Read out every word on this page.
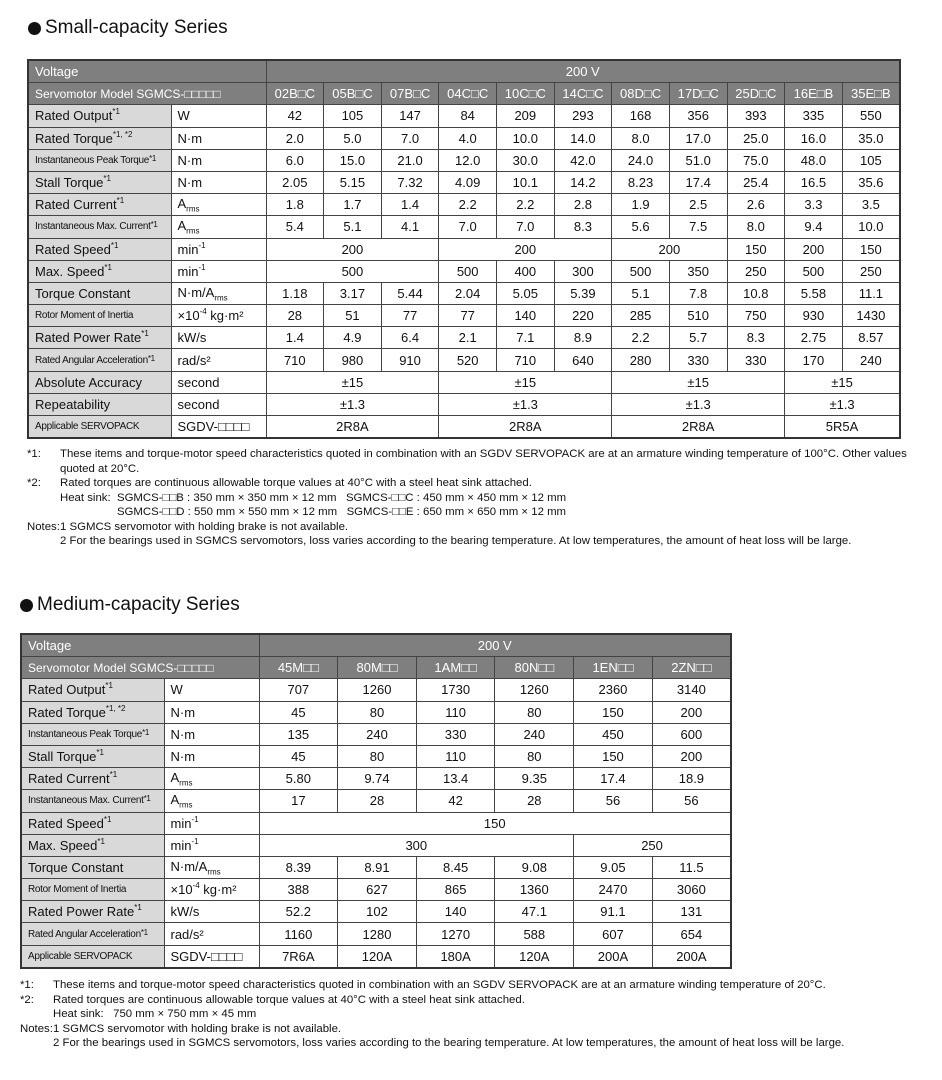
Small-capacity Series
Voltage		200 V										
Servomotor Model SGMCS-□□□□□		02B□C	05B□C	07B□C	04C□C	10C□C	14C□C	08D□C	17D□C	25D□C	16E□B	35E□B
Rated Output$^{*1}$	W	42	105	147	84	209	293	168	356	393	335	550
Rated Torque$^{*1, *2}$	N·m	2.0	5.0	7.0	4.0	10.0	14.0	8.0	17.0	25.0	16.0	35.0
Instantaneous Peak Torque$^{*1}$	N·m	6.0	15.0	21.0	12.0	30.0	42.0	24.0	51.0	75.0	48.0	105
Stall Torque$^{*1}$	N·m	2.05	5.15	7.32	4.09	10.1	14.2	8.23	17.4	25.4	16.5	35.6
Rated Current$^{*1}$	$A_{rms}$	1.8	1.7	1.4	2.2	2.2	2.8	1.9	2.5	2.6	3.3	3.5
Instantaneous Max. Current$^{*1}$	$A_{rms}$	5.4	5.1	4.1	7.0	7.0	8.3	5.6	7.5	8.0	9.4	10.0
Rated Speed$^{*1}$	$\min^{-1}$	200			200			200		150	200	150
Max. Speed$^{*1}$	$\min^{-1}$	500			500	400	300	500	350	250	500	250
Torque Constant	$N\cdot m/A_{rms}$	1.18	3.17	5.44	2.04	5.05	5.39	5.1	7.8	10.8	5.58	11.1
Rotor Moment of Inertia	$\times 10^{-4}$ kg·m²	28	51	77	77	140	220	285	510	750	930	1430
Rated Power Rate$^{*1}$	kW/s	1.4	4.9	6.4	2.1	7.1	8.9	2.2	5.7	8.3	2.75	8.57
Rated Angular Acceleration$^{*1}$	rad/s²	710	980	910	520	710	640	280	330	330	170	240
Absolute Accuracy	second	±15			±15			±15			±15	
Repeatability	second	±1.3			±1.3			±1.3			±1.3	
Applicable SERVOPACK	SGDV-□□□□	2R8A			2R8A			2R8A			5R5A	
*1:	These items and torque-motor speed characteristics quoted in combination with an SGDV SERVOPACK are at an armature winding temperature of 100°C. Other values
quoted at 20°C.
*2:	Rated torques are continuous allowable torque values at 40°C with a steel heat sink attached.
Heat sink:  SGMCS-□□B : 350 mm × 350 mm × 12 mm   SGMCS-□□C : 450 mm × 450 mm × 12 mm
SGMCS-□□D : 550 mm × 550 mm × 12 mm   SGMCS-□□E : 650 mm × 650 mm × 12 mm
Notes: 1 SGMCS servomotor with holding brake is not available.
2 For the bearings used in SGMCS servomotors, loss varies according to the bearing temperature. At low temperatures, the amount of heat loss will be large.
Medium-capacity Series
Voltage		200 V					
Servomotor Model SGMCS-□□□□□		45M□□	80M□□	1AM□□	80N□□	1EN□□	2ZN□□
Rated Output$^{*1}$	W	707	1260	1730	1260	2360	3140
Rated Torque$^{*1, *2}$	N·m	45	80	110	80	150	200
Instantaneous Peak Torque$^{*1}$	N·m	135	240	330	240	450	600
Stall Torque$^{*1}$	N·m	45	80	110	80	150	200
Rated Current$^{*1}$	$A_{rms}$	5.80	9.74	13.4	9.35	17.4	18.9
Instantaneous Max. Current$^{*1}$	$A_{rms}$	17	28	42	28	56	56
Rated Speed$^{*1}$	$\min^{-1}$	150					
Max. Speed$^{*1}$	$\min^{-1}$	300				250	
Torque Constant	$N\cdot m/A_{rms}$	8.39	8.91	8.45	9.08	9.05	11.5
Rotor Moment of Inertia	$\times 10^{-4}$ kg·m²	388	627	865	1360	2470	3060
Rated Power Rate$^{*1}$	kW/s	52.2	102	140	47.1	91.1	131
Rated Angular Acceleration$^{*1}$	rad/s²	1160	1280	1270	588	607	654
Applicable SERVOPACK	SGDV-□□□□	7R6A	120A	180A	120A	200A	200A
*1:	These items and torque-motor speed characteristics quoted in combination with an SGDV SERVOPACK are at an armature winding temperature of 20°C.
*2:	Rated torques are continuous allowable torque values at 40°C with a steel heat sink attached.
Heat sink:   750 mm × 750 mm × 45 mm
Notes: 1 SGMCS servomotor with holding brake is not available.
2 For the bearings used in SGMCS servomotors, loss varies according to the bearing temperature. At low temperatures, the amount of heat loss will be large.
